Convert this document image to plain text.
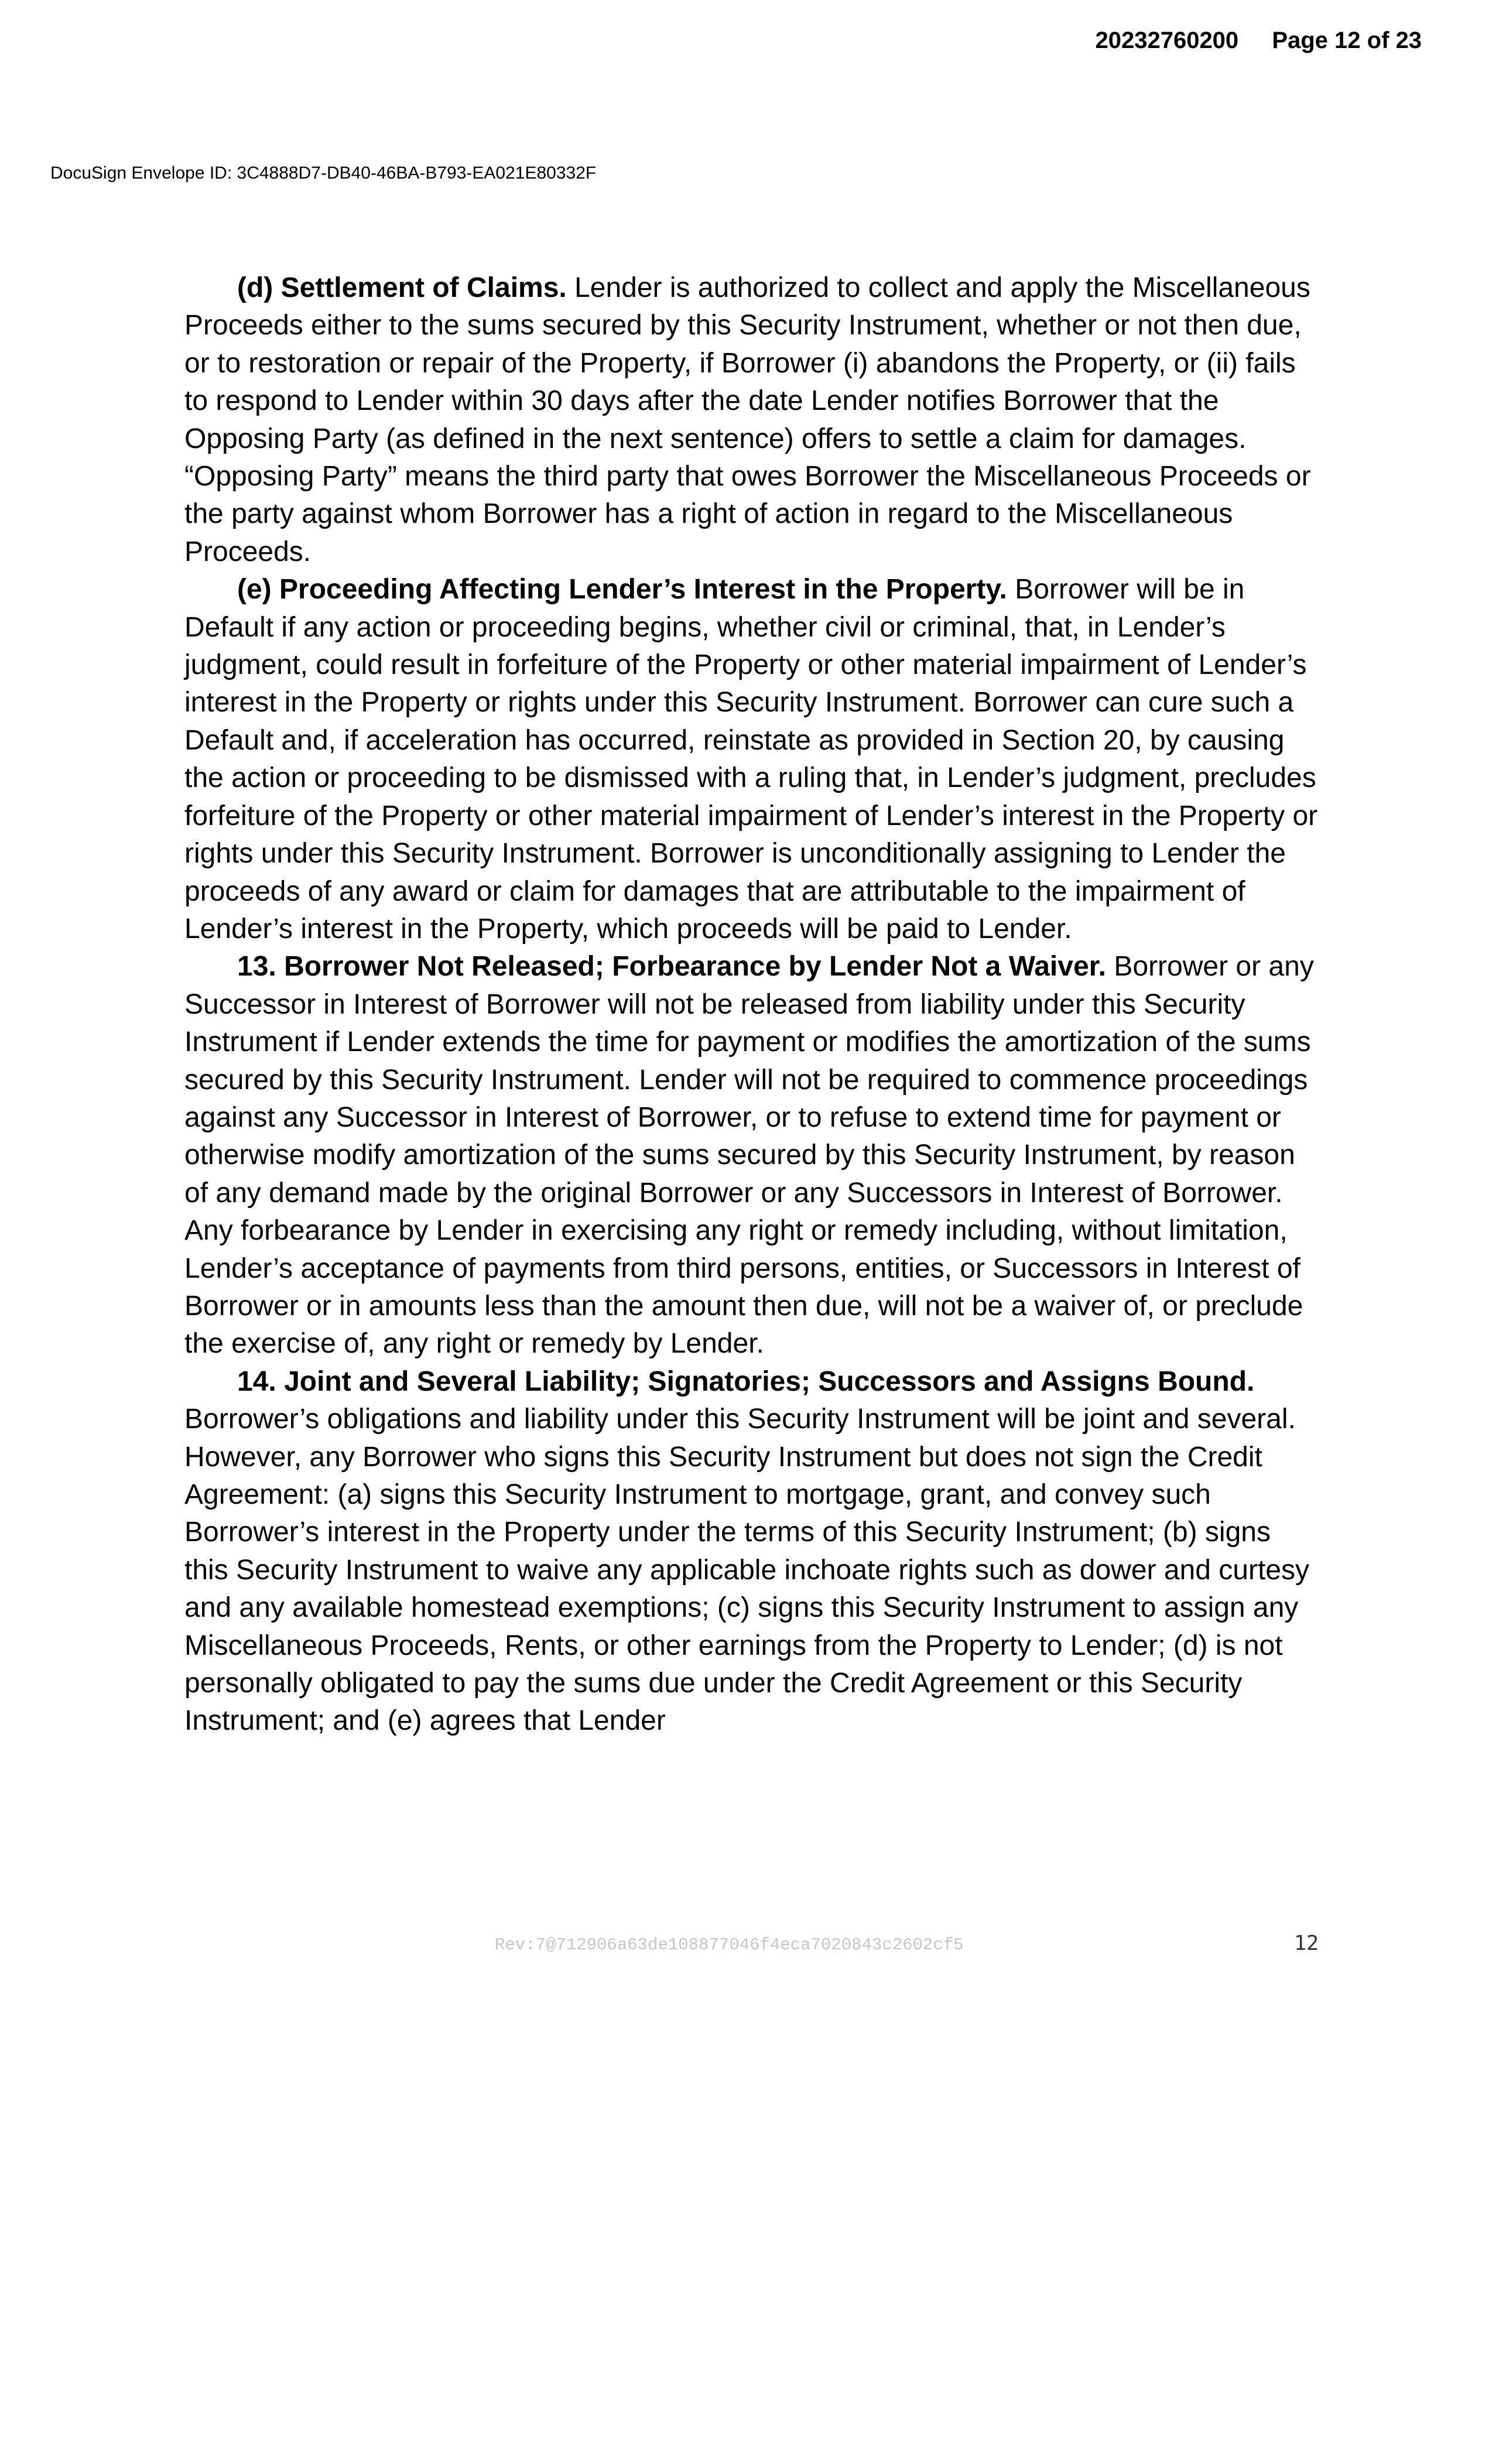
20232760200 Page 12 of 23
DocuSign Envelope ID: 3C4888D7-DB40-46BA-B793-EA021E80332F

(d) Settlement of Claims. Lender is authorized to collect and apply the Miscellaneous Proceeds either to the sums secured by this Security Instrument, whether or not then due, or to restoration or repair of the Property, if Borrower (i) abandons the Property, or (ii) fails to respond to Lender within 30 days after the date Lender notifies Borrower that the Opposing Party (as defined in the next sentence) offers to settle a claim for damages. “Opposing Party” means the third party that owes Borrower the Miscellaneous Proceeds or the party against whom Borrower has a right of action in regard to the Miscellaneous Proceeds.

(e) Proceeding Affecting Lender’s Interest in the Property. Borrower will be in Default if any action or proceeding begins, whether civil or criminal, that, in Lender’s judgment, could result in forfeiture of the Property or other material impairment of Lender’s interest in the Property or rights under this Security Instrument. Borrower can cure such a Default and, if acceleration has occurred, reinstate as provided in Section 20, by causing the action or proceeding to be dismissed with a ruling that, in Lender’s judgment, precludes forfeiture of the Property or other material impairment of Lender’s interest in the Property or rights under this Security Instrument. Borrower is unconditionally assigning to Lender the proceeds of any award or claim for damages that are attributable to the impairment of Lender’s interest in the Property, which proceeds will be paid to Lender.

13. Borrower Not Released; Forbearance by Lender Not a Waiver. Borrower or any Successor in Interest of Borrower will not be released from liability under this Security Instrument if Lender extends the time for payment or modifies the amortization of the sums secured by this Security Instrument. Lender will not be required to commence proceedings against any Successor in Interest of Borrower, or to refuse to extend time for payment or otherwise modify amortization of the sums secured by this Security Instrument, by reason of any demand made by the original Borrower or any Successors in Interest of Borrower. Any forbearance by Lender in exercising any right or remedy including, without limitation, Lender’s acceptance of payments from third persons, entities, or Successors in Interest of Borrower or in amounts less than the amount then due, will not be a waiver of, or preclude the exercise of, any right or remedy by Lender.

14. Joint and Several Liability; Signatories; Successors and Assigns Bound. Borrower’s obligations and liability under this Security Instrument will be joint and several. However, any Borrower who signs this Security Instrument but does not sign the Credit Agreement: (a) signs this Security Instrument to mortgage, grant, and convey such Borrower’s interest in the Property under the terms of this Security Instrument; (b) signs this Security Instrument to waive any applicable inchoate rights such as dower and curtesy and any available homestead exemptions; (c) signs this Security Instrument to assign any Miscellaneous Proceeds, Rents, or other earnings from the Property to Lender; (d) is not personally obligated to pay the sums due under the Credit Agreement or this Security Instrument; and (e) agrees that Lender

Rev:7@712906a63de108877046f4eca7020843c2602cf5	12
